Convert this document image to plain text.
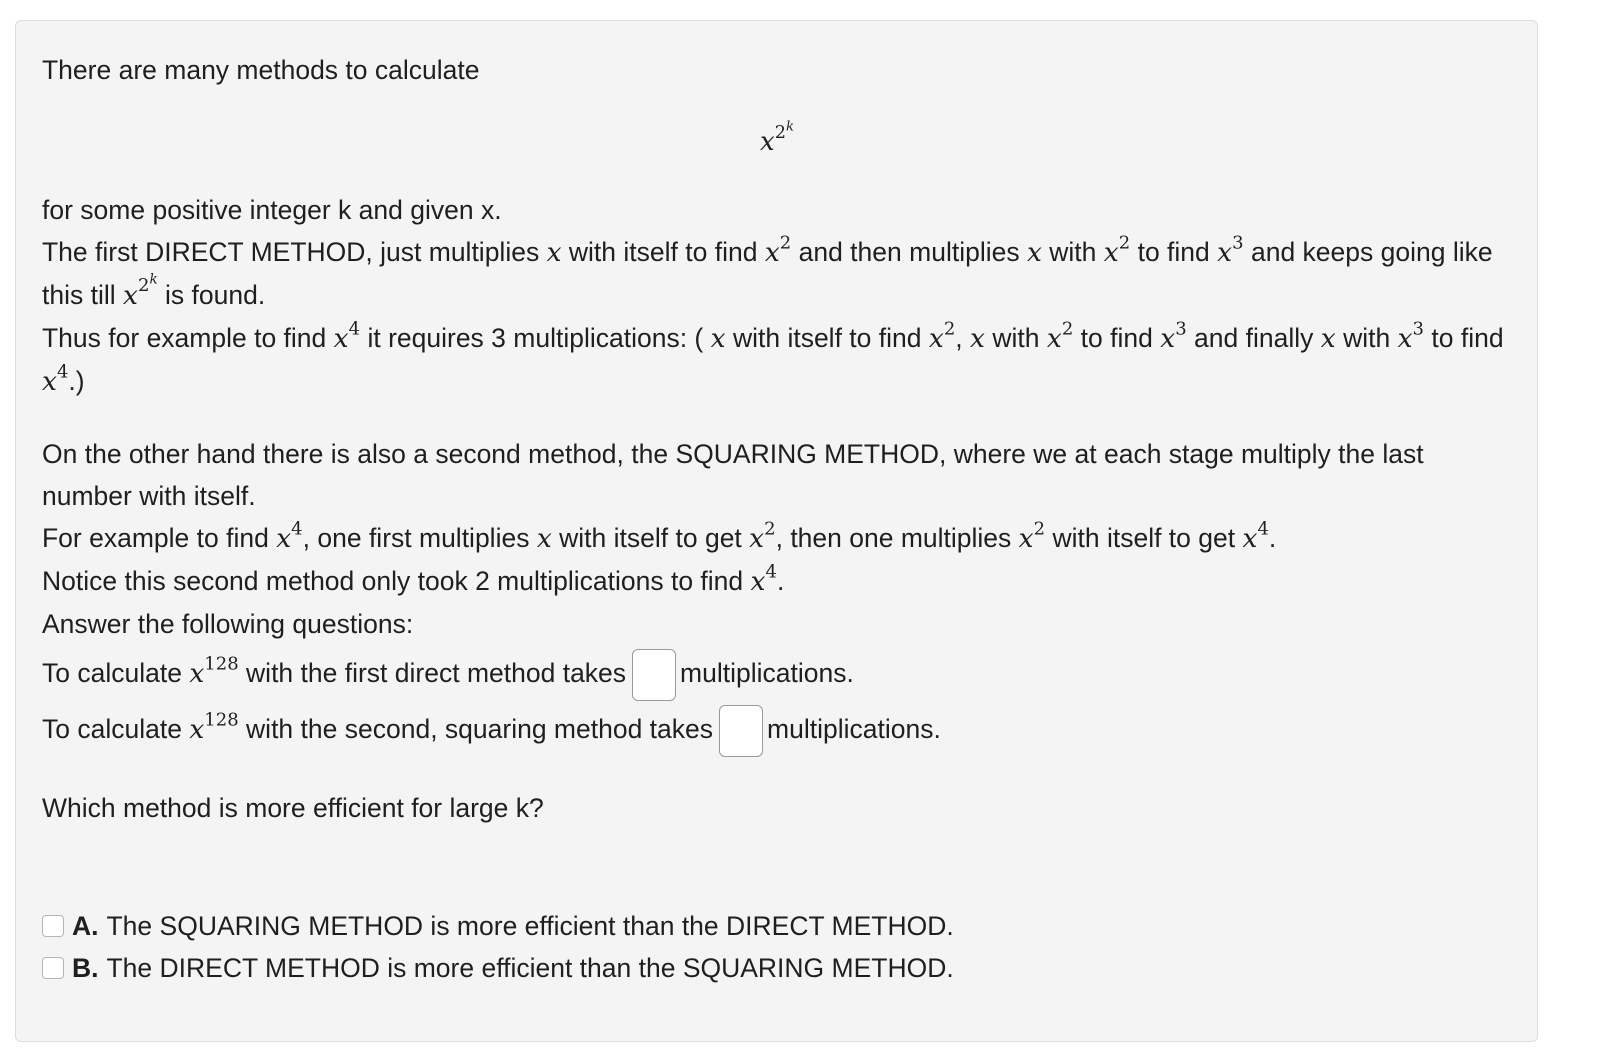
There are many methods to calculate
$x^{2^k}$
for some positive integer k and given x.
The first DIRECT METHOD, just multiplies x with itself to find $x^2$ and then multiplies x with $x^2$ to find $x^3$ and keeps going like this till $x^{2^k}$ is found.
Thus for example to find $x^4$ it requires 3 multiplications: ( x with itself to find $x^2$, x with $x^2$ to find $x^3$ and finally x with $x^3$ to find $x^4$.)
On the other hand there is also a second method, the SQUARING METHOD, where we at each stage multiply the last number with itself.
For example to find $x^4$, one first multiplies x with itself to get $x^2$, then one multiplies $x^2$ with itself to get $x^4$.
Notice this second method only took 2 multiplications to find $x^4$.
Answer the following questions:
To calculate $x^{128}$ with the first direct method takes multiplications.
To calculate $x^{128}$ with the second, squaring method takes multiplications.
Which method is more efficient for large k?
A. The SQUARING METHOD is more efficient than the DIRECT METHOD.
B. The DIRECT METHOD is more efficient than the SQUARING METHOD.
